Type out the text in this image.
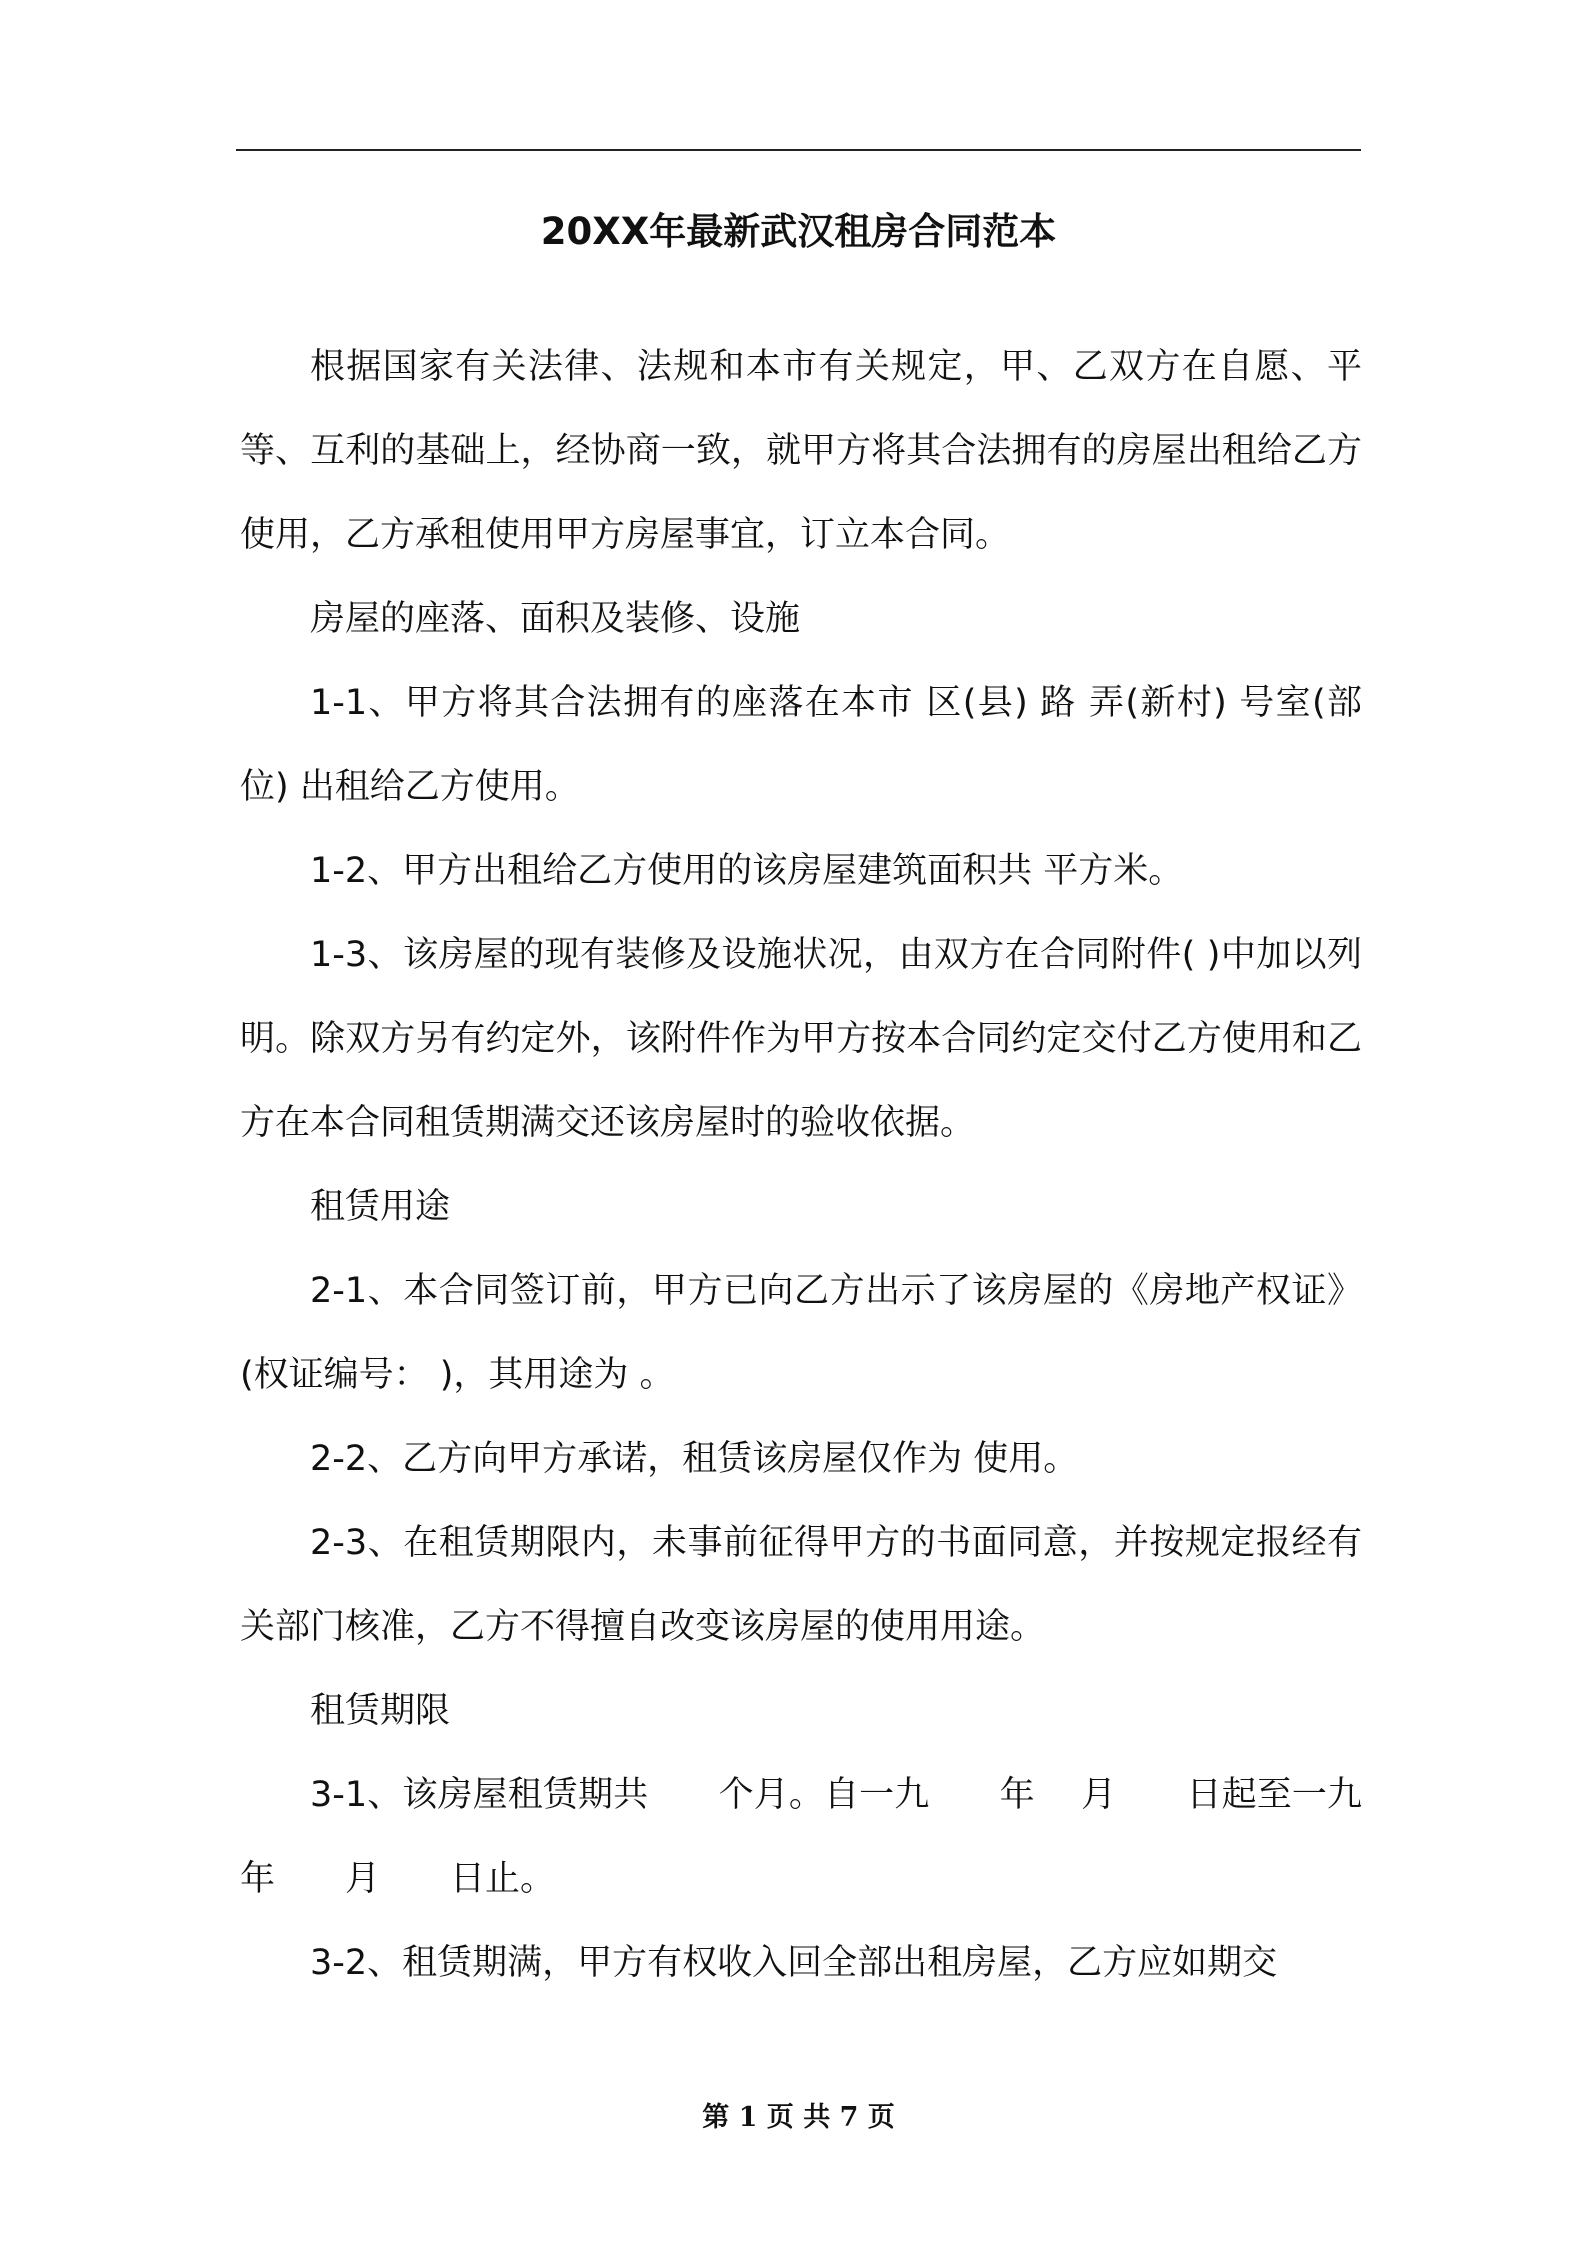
20XX年最新武汉租房合同范本

根据国家有关法律、法规和本市有关规定，甲、乙双方在自愿、平等、互利的基础上，经协商一致，就甲方将其合法拥有的房屋出租给乙方使用，乙方承租使用甲方房屋事宜，订立本合同。

房屋的座落、面积及装修、设施

1-1、甲方将其合法拥有的座落在本市 区(县) 路 弄(新村) 号室(部位) 出租给乙方使用。

1-2、甲方出租给乙方使用的该房屋建筑面积共 平方米。

1-3、该房屋的现有装修及设施状况，由双方在合同附件( )中加以列明。除双方另有约定外，该附件作为甲方按本合同约定交付乙方使用和乙方在本合同租赁期满交还该房屋时的验收依据。

租赁用途

2-1、本合同签订前，甲方已向乙方出示了该房屋的《房地产权证》(权证编号： )，其用途为 。

2-2、乙方向甲方承诺，租赁该房屋仅作为 使用。

2-3、在租赁期限内，未事前征得甲方的书面同意，并按规定报经有关部门核准，乙方不得擅自改变该房屋的使用用途。

租赁期限

3-1、该房屋租赁期共　　个月。自一九　　年　 月　　日起至一九　　年　　月　　日止。

3-2、租赁期满，甲方有权收入回全部出租房屋，乙方应如期交

第 1 页 共 7 页
